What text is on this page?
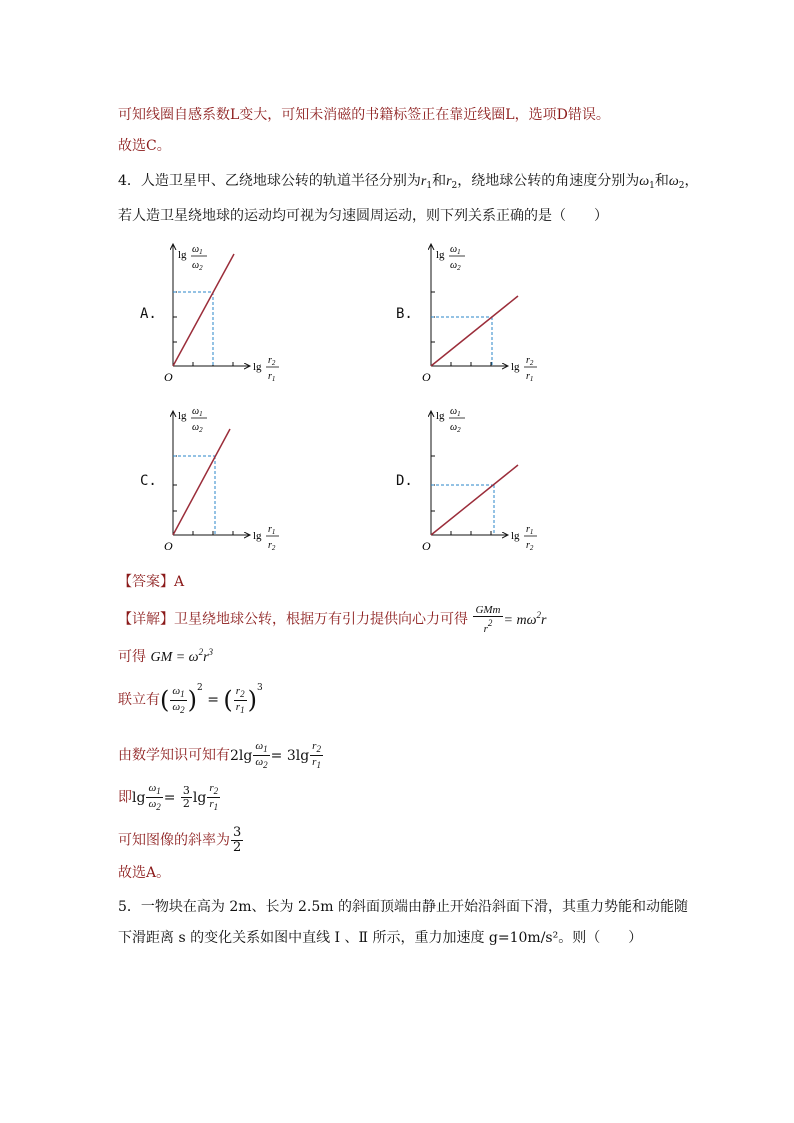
可知线圈自感系数L变大，可知未消磁的书籍标签正在靠近线圈L，选项D错误。
故选C。
4．人造卫星甲、乙绕地球公转的轨道半径分别为$r_1$和$r_2$，绕地球公转的角速度分别为$\omega_1$和$\omega_2$，
若人造卫星绕地球的运动均可视为匀速圆周运动，则下列关系正确的是（　　）
A.	B.
C.	D.
O
$\lg \omega_1$
$\omega_2$
lg
$r_2$
$r_1$	O
$\lg \omega_1$
$\omega_2$
lg
$r_2$
$r_1$
O
$\lg \omega_1$
$\omega_2$
lg
$r_1$
$r_2$	O
$\lg \omega_1$
$\omega_2$
lg
$r_1$
$r_2$
【答案】A
【详解】卫星绕地球公转，根据万有引力提供向心力可得 $\frac{\text{GMm}}{r^2} = m\omega^2r$
可得 GM = $\omega^2r^3$
联立有( $\frac{\omega_1}{\omega_2} )^2$ = ( $\frac{r_2}{r_1} )^3$
由数学知识可知有$2\lg \frac{\omega_1}{\omega_2} = 3\lg \frac{r_2}{r_1}$
即$\lg \frac{\omega_1}{\omega_2} = \frac{3}{2}$ $\lg \frac{r_2}{r_1}$
可知图像的斜率为 $\frac{3}{2}$
故选A。
5．一物块在高为 2m、长为 2.5m 的斜面顶端由静止开始沿斜面下滑，其重力势能和动能随
下滑距离 s 的变化关系如图中直线 Ⅰ 、Ⅱ 所示，重力加速度 g=10m/s²。则（　　）
